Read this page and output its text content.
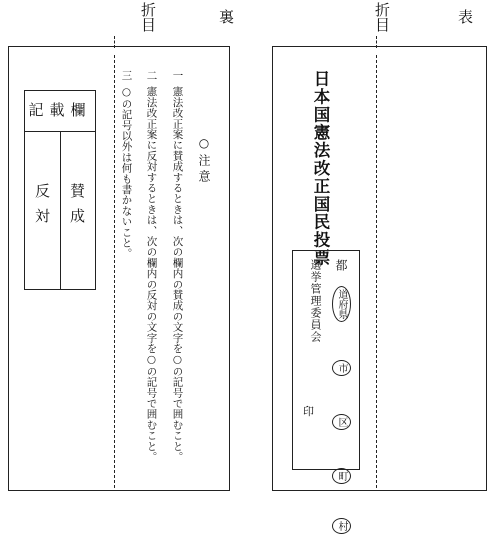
折目	裏
記載欄
賛成
反対
○注意
一
憲法改正案に賛成するときは、次の欄内の賛成の文字を○の記号で囲むこと。
二
憲法改正案に反対するときは、次の欄内の反対の文字を○の記号で囲むこと。
三
○の記号以外は何も書かないこと。
折目	表
日本国憲法改正国民投票 都 道府県  市  区  町  村
選挙管理委員会
印
